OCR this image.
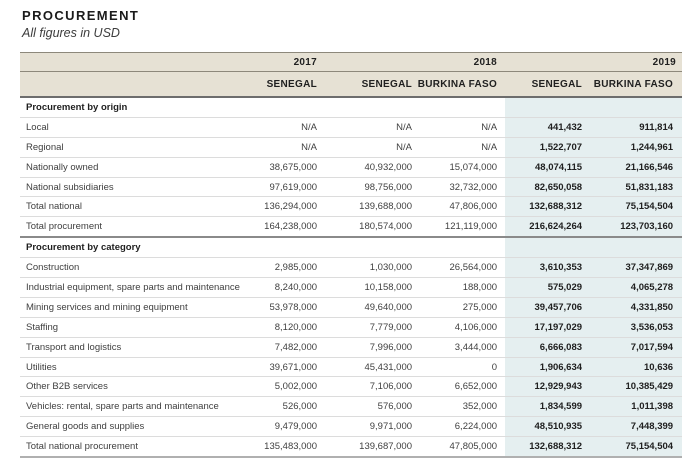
PROCUREMENT
All figures in USD
2017		2018		2019	
	SENEGAL	SENEGAL	BURKINA FASO	SENEGAL	BURKINA FASO
Procurement by origin					
Local	N/A	N/A	N/A	441,432	911,814
Regional	N/A	N/A	N/A	1,522,707	1,244,961
Nationally owned	38,675,000	40,932,000	15,074,000	48,074,115	21,166,546
National subsidiaries	97,619,000	98,756,000	32,732,000	82,650,058	51,831,183
Total national	136,294,000	139,688,000	47,806,000	132,688,312	75,154,504
Total procurement	164,238,000	180,574,000	121,119,000	216,624,264	123,703,160
Procurement by category					
Construction	2,985,000	1,030,000	26,564,000	3,610,353	37,347,869
Industrial equipment, spare parts and maintenance	8,240,000	10,158,000	188,000	575,029	4,065,278
Mining services and mining equipment	53,978,000	49,640,000	275,000	39,457,706	4,331,850
Staffing	8,120,000	7,779,000	4,106,000	17,197,029	3,536,053
Transport and logistics	7,482,000	7,996,000	3,444,000	6,666,083	7,017,594
Utilities	39,671,000	45,431,000	0	1,906,634	10,636
Other B2B services	5,002,000	7,106,000	6,652,000	12,929,943	10,385,429
Vehicles: rental, spare parts and maintenance	526,000	576,000	352,000	1,834,599	1,011,398
General goods and supplies	9,479,000	9,971,000	6,224,000	48,510,935	7,448,399
Total national procurement	135,483,000	139,687,000	47,805,000	132,688,312	75,154,504
